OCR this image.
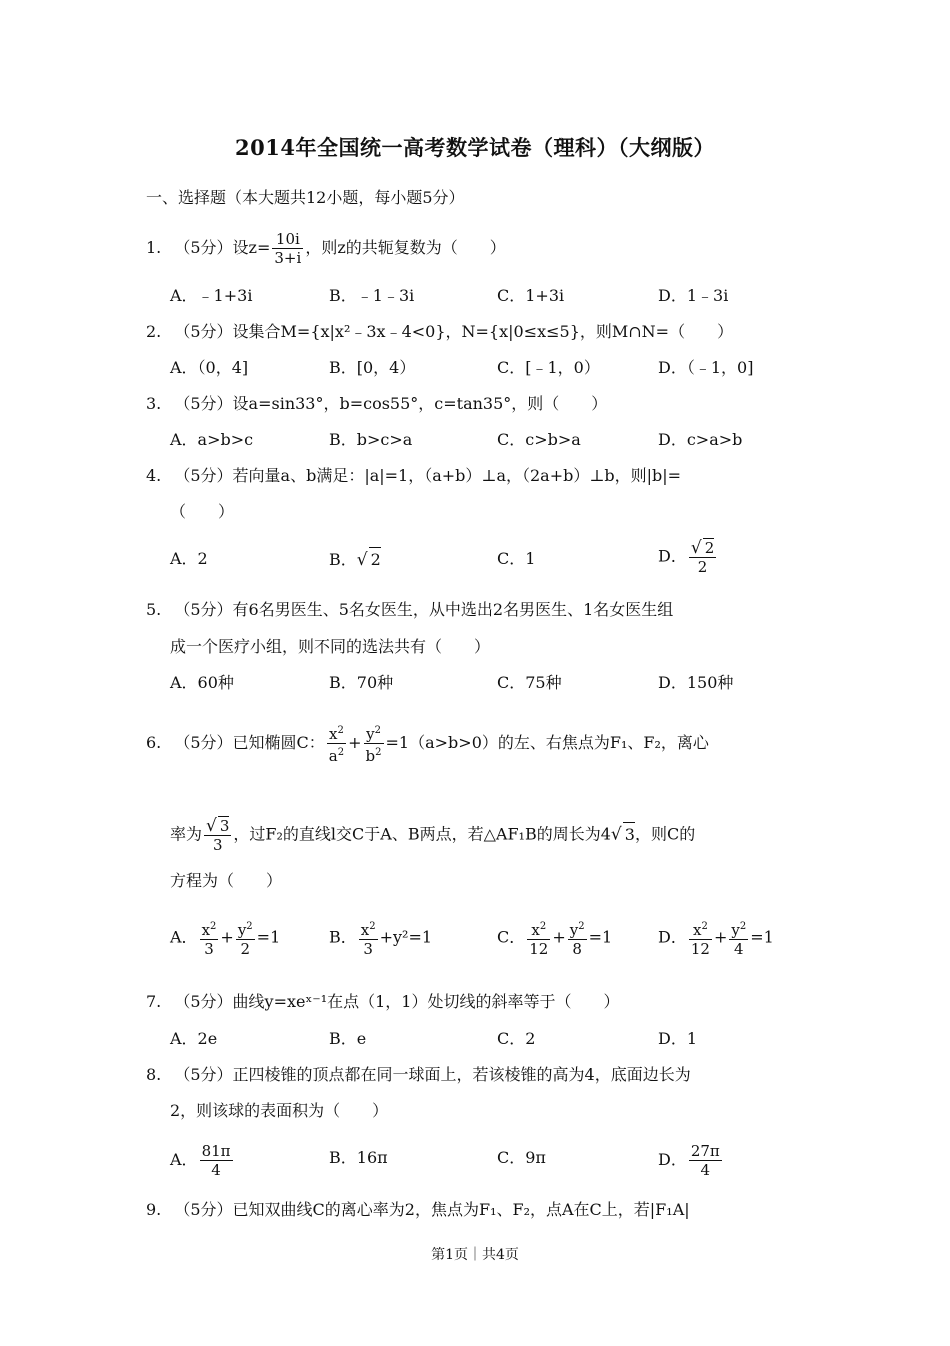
2014年全国统一高考数学试卷（理科）（大纲版）
一、选择题（本大题共12小题，每小题5分）
1. （5分）设$z= \frac{10i}{3+i}$ ，则z的共轭复数为（　　）
A．﹣1+3i	B．﹣1﹣3i	C．1+3i	D．1﹣3i
2. （5分）设集合M={x|x²﹣3x﹣4<0}，N={x|0≤x≤5}，则M∩N=（　　）
A．（0，4]	B．[0，4）	C．[﹣1，0）	D．（﹣1，0]
3. （5分）设a=sin33°，b=cos55°，c=tan35°，则（　　）
A．a>b>c	B．b>c>a	C．c>b>a	D．c>a>b
4. （5分）若向量a、b满足：|a|=1，（a+b）⊥a，（2a+b）⊥b，则|b|=
（　　）
A．2	B．√ 2	C．1	D． $\frac{√ 2}{2}$
5. （5分）有6名男医生、5名女医生，从中选出2名男医生、1名女医生组
成一个医疗小组，则不同的选法共有（　　）
A．60种	B．70种	C．75种	D．150种
6. （5分）已知椭圆C： $\frac{x^2}{a^2} + \frac{y^2}{b^2} =1(a>b>0)$的左、右焦点为F₁、F₂，离心
率为 $\frac{√ 3}{3}$ ，过F₂的直线l交C于A、B两点，若△AF₁B的周长为4√ 3，则C的
方程为（　　）
A． $\frac{x^2}{3} + \frac{y^2}{2} =1$	B． $\frac{x^2}{3} +y^2=1$	C． $\frac{x^2}{12} + \frac{y^2}{8} =1$	D． $\frac{x^2}{12} + \frac{y^2}{4} =1$
7. （5分）曲线y=xeˣ⁻¹在点（1，1）处切线的斜率等于（　　）
A．2e	B．e	C．2	D．1
8. （5分）正四棱锥的顶点都在同一球面上，若该棱锥的高为4，底面边长为
2，则该球的表面积为（　　）
A． $\frac{81\pi}{4}$	B．16π	C．9π	D． $\frac{27\pi}{4}$
9. （5分）已知双曲线C的离心率为2，焦点为F₁、F₂，点A在C上，若|F₁A|
第1页｜共4页
